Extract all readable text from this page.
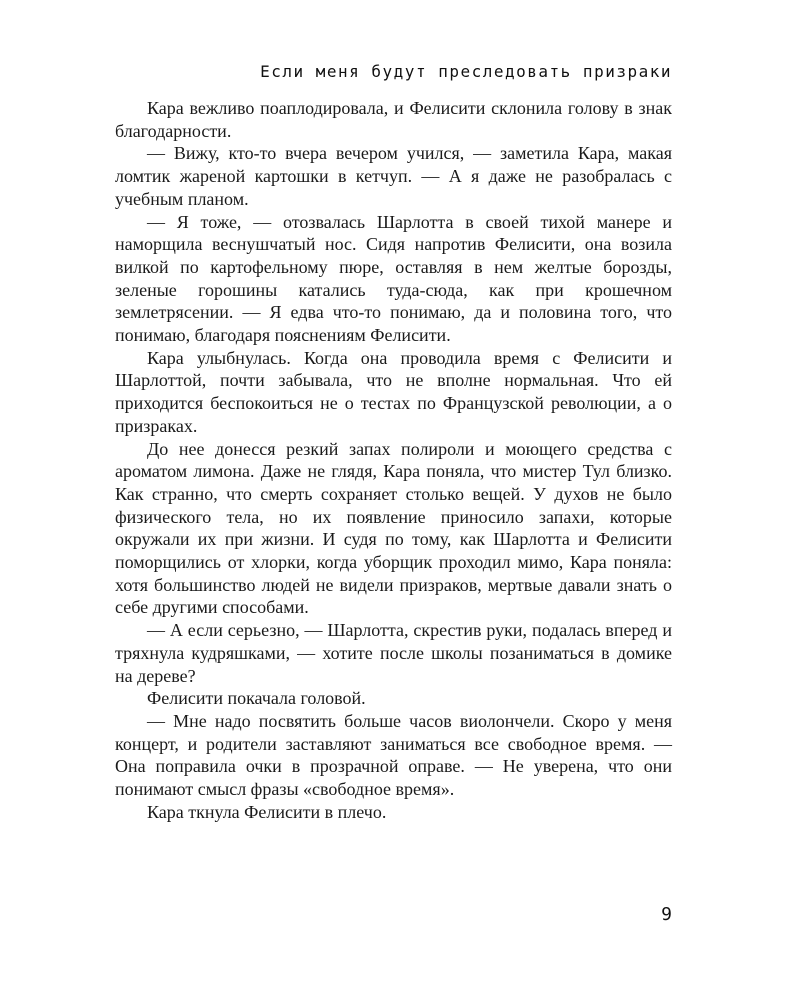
Если меня будут преследовать призраки

Кара вежливо поаплодировала, и Фелисити склонила голову в знак благодарности.

— Вижу, кто-то вчера вечером учился, — заметила Кара, макая ломтик жареной картошки в кетчуп. — А я даже не разобралась с учебным планом.

— Я тоже, — отозвалась Шарлотта в своей тихой манере и наморщила веснушчатый нос. Сидя напротив Фелисити, она возила вилкой по картофельному пюре, оставляя в нем желтые борозды, зеленые горошины катались туда-сюда, как при крошечном землетрясении. — Я едва что-то понимаю, да и половина того, что понимаю, благодаря пояснениям Фелисити.

Кара улыбнулась. Когда она проводила время с Фелисити и Шарлоттой, почти забывала, что не вполне нормальная. Что ей приходится беспокоиться не о тестах по Французской революции, а о призраках.

До нее донесся резкий запах полироли и моющего средства с ароматом лимона. Даже не глядя, Кара поняла, что мистер Тул близко. Как странно, что смерть сохраняет столько вещей. У духов не было физического тела, но их появление приносило запахи, которые окружали их при жизни. И судя по тому, как Шарлотта и Фелисити поморщились от хлорки, когда уборщик проходил мимо, Кара поняла: хотя большинство людей не видели призраков, мертвые давали знать о себе другими способами.

— А если серьезно, — Шарлотта, скрестив руки, подалась вперед и тряхнула кудряшками, — хотите после школы позаниматься в домике на дереве?

Фелисити покачала головой.

— Мне надо посвятить больше часов виолончели. Скоро у меня концерт, и родители заставляют заниматься все свободное время. — Она поправила очки в прозрачной оправе. — Не уверена, что они понимают смысл фразы «свободное время».

Кара ткнула Фелисити в плечо.

9
